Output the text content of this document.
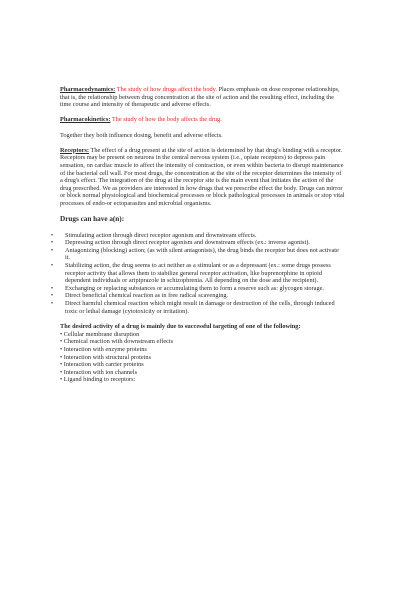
Pharmacodynamics: The study of how drugs affect the body. Places emphasis on dose response relationships, that is, the relationship between drug concentration at the site of action and the resulting effect, including the time course and intensity of therapeutic and adverse effects.

Pharmacokinetics: The study of how the body affects the drug.

Together they both influence dosing, benefit and adverse effects.

Receptors: The effect of a drug present at the site of action is determined by that drug's binding with a receptor. Receptors may be present on neurons in the central nervous system (i.e., opiate receptors) to depress pain sensation, on cardiac muscle to affect the intensity of contraction, or even within bacteria to disrupt maintenance of the bacterial cell wall. For most drugs, the concentration at the site of the receptor determines the intensity of a drug's effect. The integration of the drug at the receptor site is the main event that initiates the action of the drug prescribed. We as providers are interested in how drugs that we prescribe effect the body. Drugs can mirror or block normal physiological and biochemical processes or block pathological processes in animals or stop vital processes of endo-or ectoparasites and microbial organisms.

Drugs can have a(n):

•	Stimulating action through direct receptor agonism and downstream effects.
•	Depressing action through direct receptor agonism and downstream effects (ex.: inverse agonist).
•	Antagonizing (blocking) action; (as with silent antagonists), the drug binds the receptor but does not activate it.
•	Stabilizing action, the drug seems to act neither as a stimulant or as a depressant (ex.: some drugs possess receptor activity that allows them to stabilize general receptor activation, like buprenorphine in opioid dependent individuals or aripiprazole in schizophrenia. All depending on the dose and the recipient).
•	Exchanging or replacing substances or accumulating them to form a reserve such as: glycogen storage.
•	Direct beneficial chemical reaction as in free radical scavenging.
•	Direct harmful chemical reaction which might result in damage or destruction of the cells, through induced toxic or lethal damage (cytotoxicity or irritation).

The desired activity of a drug is mainly due to successful targeting of one of the following:

• Cellular membrane disruption
• Chemical reaction with downstream effects
• Interaction with enzyme proteins
• Interaction with structural proteins
• Interaction with carrier proteins
• Interaction with ion channels
• Ligand binding to receptors:
